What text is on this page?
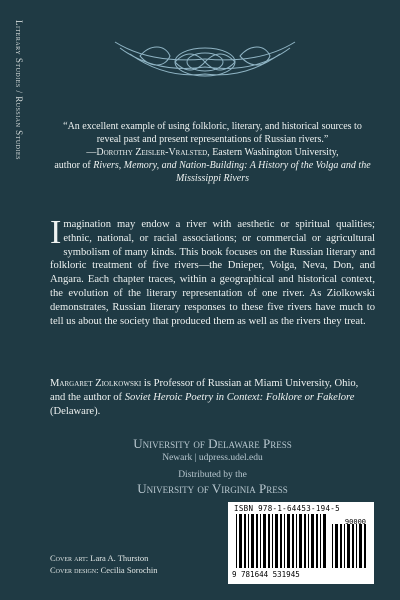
Literary Studies / Russian Studies	“An excellent example of using folkloric, literary, and historical sources to reveal past and present representations of Russian rivers.”
—Dorothy Zeisler-Vralsted, Eastern Washington University,
author of Rivers, Memory, and Nation-Building: A History of the Volga and the Mississippi Rivers
Imagination may endow a river with aesthetic or spiritual qualities; ethnic, national, or racial associations; or commercial or agricultural symbolism of many kinds. This book focuses on the Russian literary and folkloric treatment of five rivers—the Dnieper, Volga, Neva, Don, and Angara. Each chapter traces, within a geographical and historical context, the evolution of the literary representation of one river. As Ziolkowski demonstrates, Russian literary responses to these five rivers have much to tell us about the society that produced them as well as the rivers they treat.
Margaret Ziolkowski is Professor of Russian at Miami University, Ohio, and the author of Soviet Heroic Poetry in Context: Folklore or Fakelore (Delaware).
University of Delaware Press
Newark | udpress.udel.edu
Distributed by the
University of Virginia Press
Cover art: Lara A. Thurston
Cover design: Cecilia Sorochin
ISBN 978-1-64453-194-5
90000
9 781644 531945
